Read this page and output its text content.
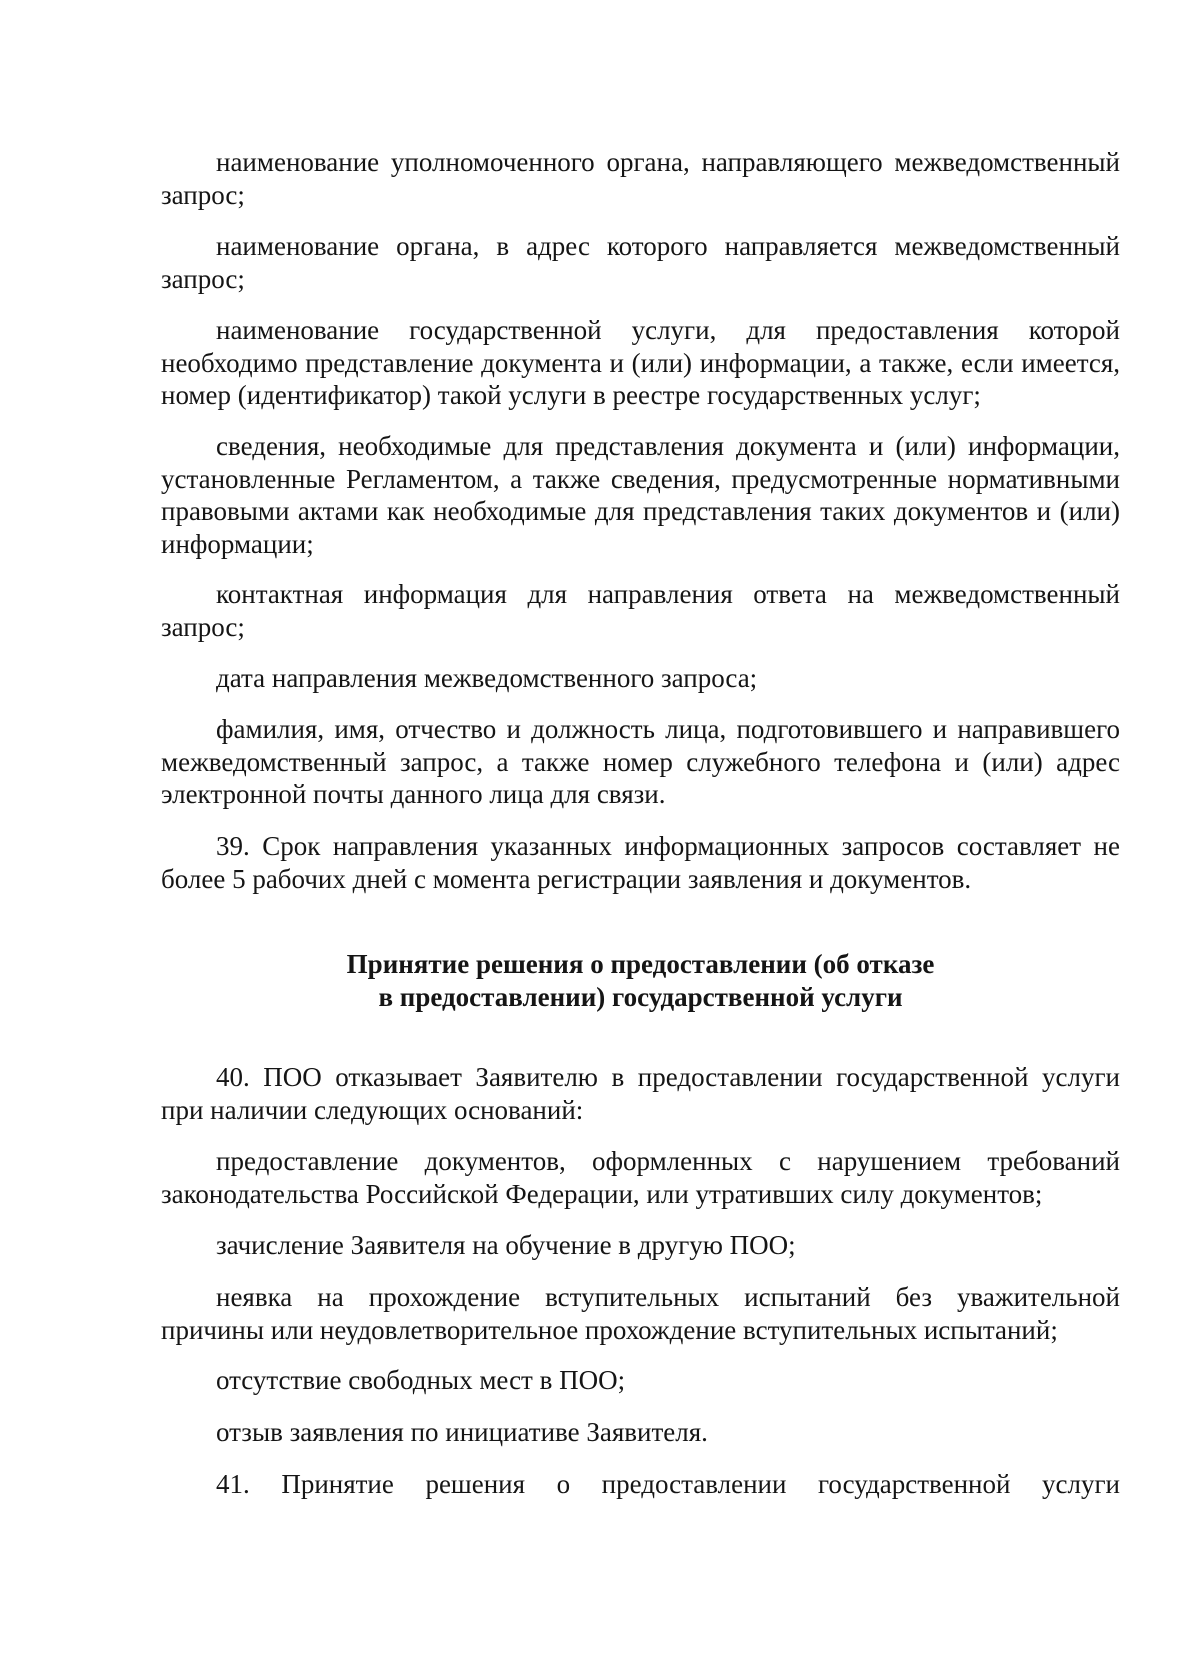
наименование уполномоченного органа, направляющего межведомственный запрос;

наименование органа, в адрес которого направляется межведомственный запрос;

наименование государственной услуги, для предоставления которой необходимо представление документа и (или) информации, а также, если имеется, номер (идентификатор) такой услуги в реестре государственных услуг;

сведения, необходимые для представления документа и (или) информации, установленные Регламентом, а также сведения, предусмотренные нормативными правовыми актами как необходимые для представления таких документов и (или) информации;

контактная информация для направления ответа на межведомственный запрос;

дата направления межведомственного запроса;

фамилия, имя, отчество и должность лица, подготовившего и направившего межведомственный запрос, а также номер служебного телефона и (или) адрес электронной почты данного лица для связи.

39. Срок направления указанных информационных запросов составляет не более 5 рабочих дней с момента регистрации заявления и документов.

Принятие решения о предоставлении (об отказе
в предоставлении) государственной услуги

40. ПОО отказывает Заявителю в предоставлении государственной услуги при наличии следующих оснований:

предоставление документов, оформленных с нарушением требований законодательства Российской Федерации, или утративших силу документов;

зачисление Заявителя на обучение в другую ПОО;

неявка на прохождение вступительных испытаний без уважительной причины или неудовлетворительное прохождение вступительных испытаний;

отсутствие свободных мест в ПОО;

отзыв заявления по инициативе Заявителя.

41. Принятие решения о предоставлении государственной услуги
